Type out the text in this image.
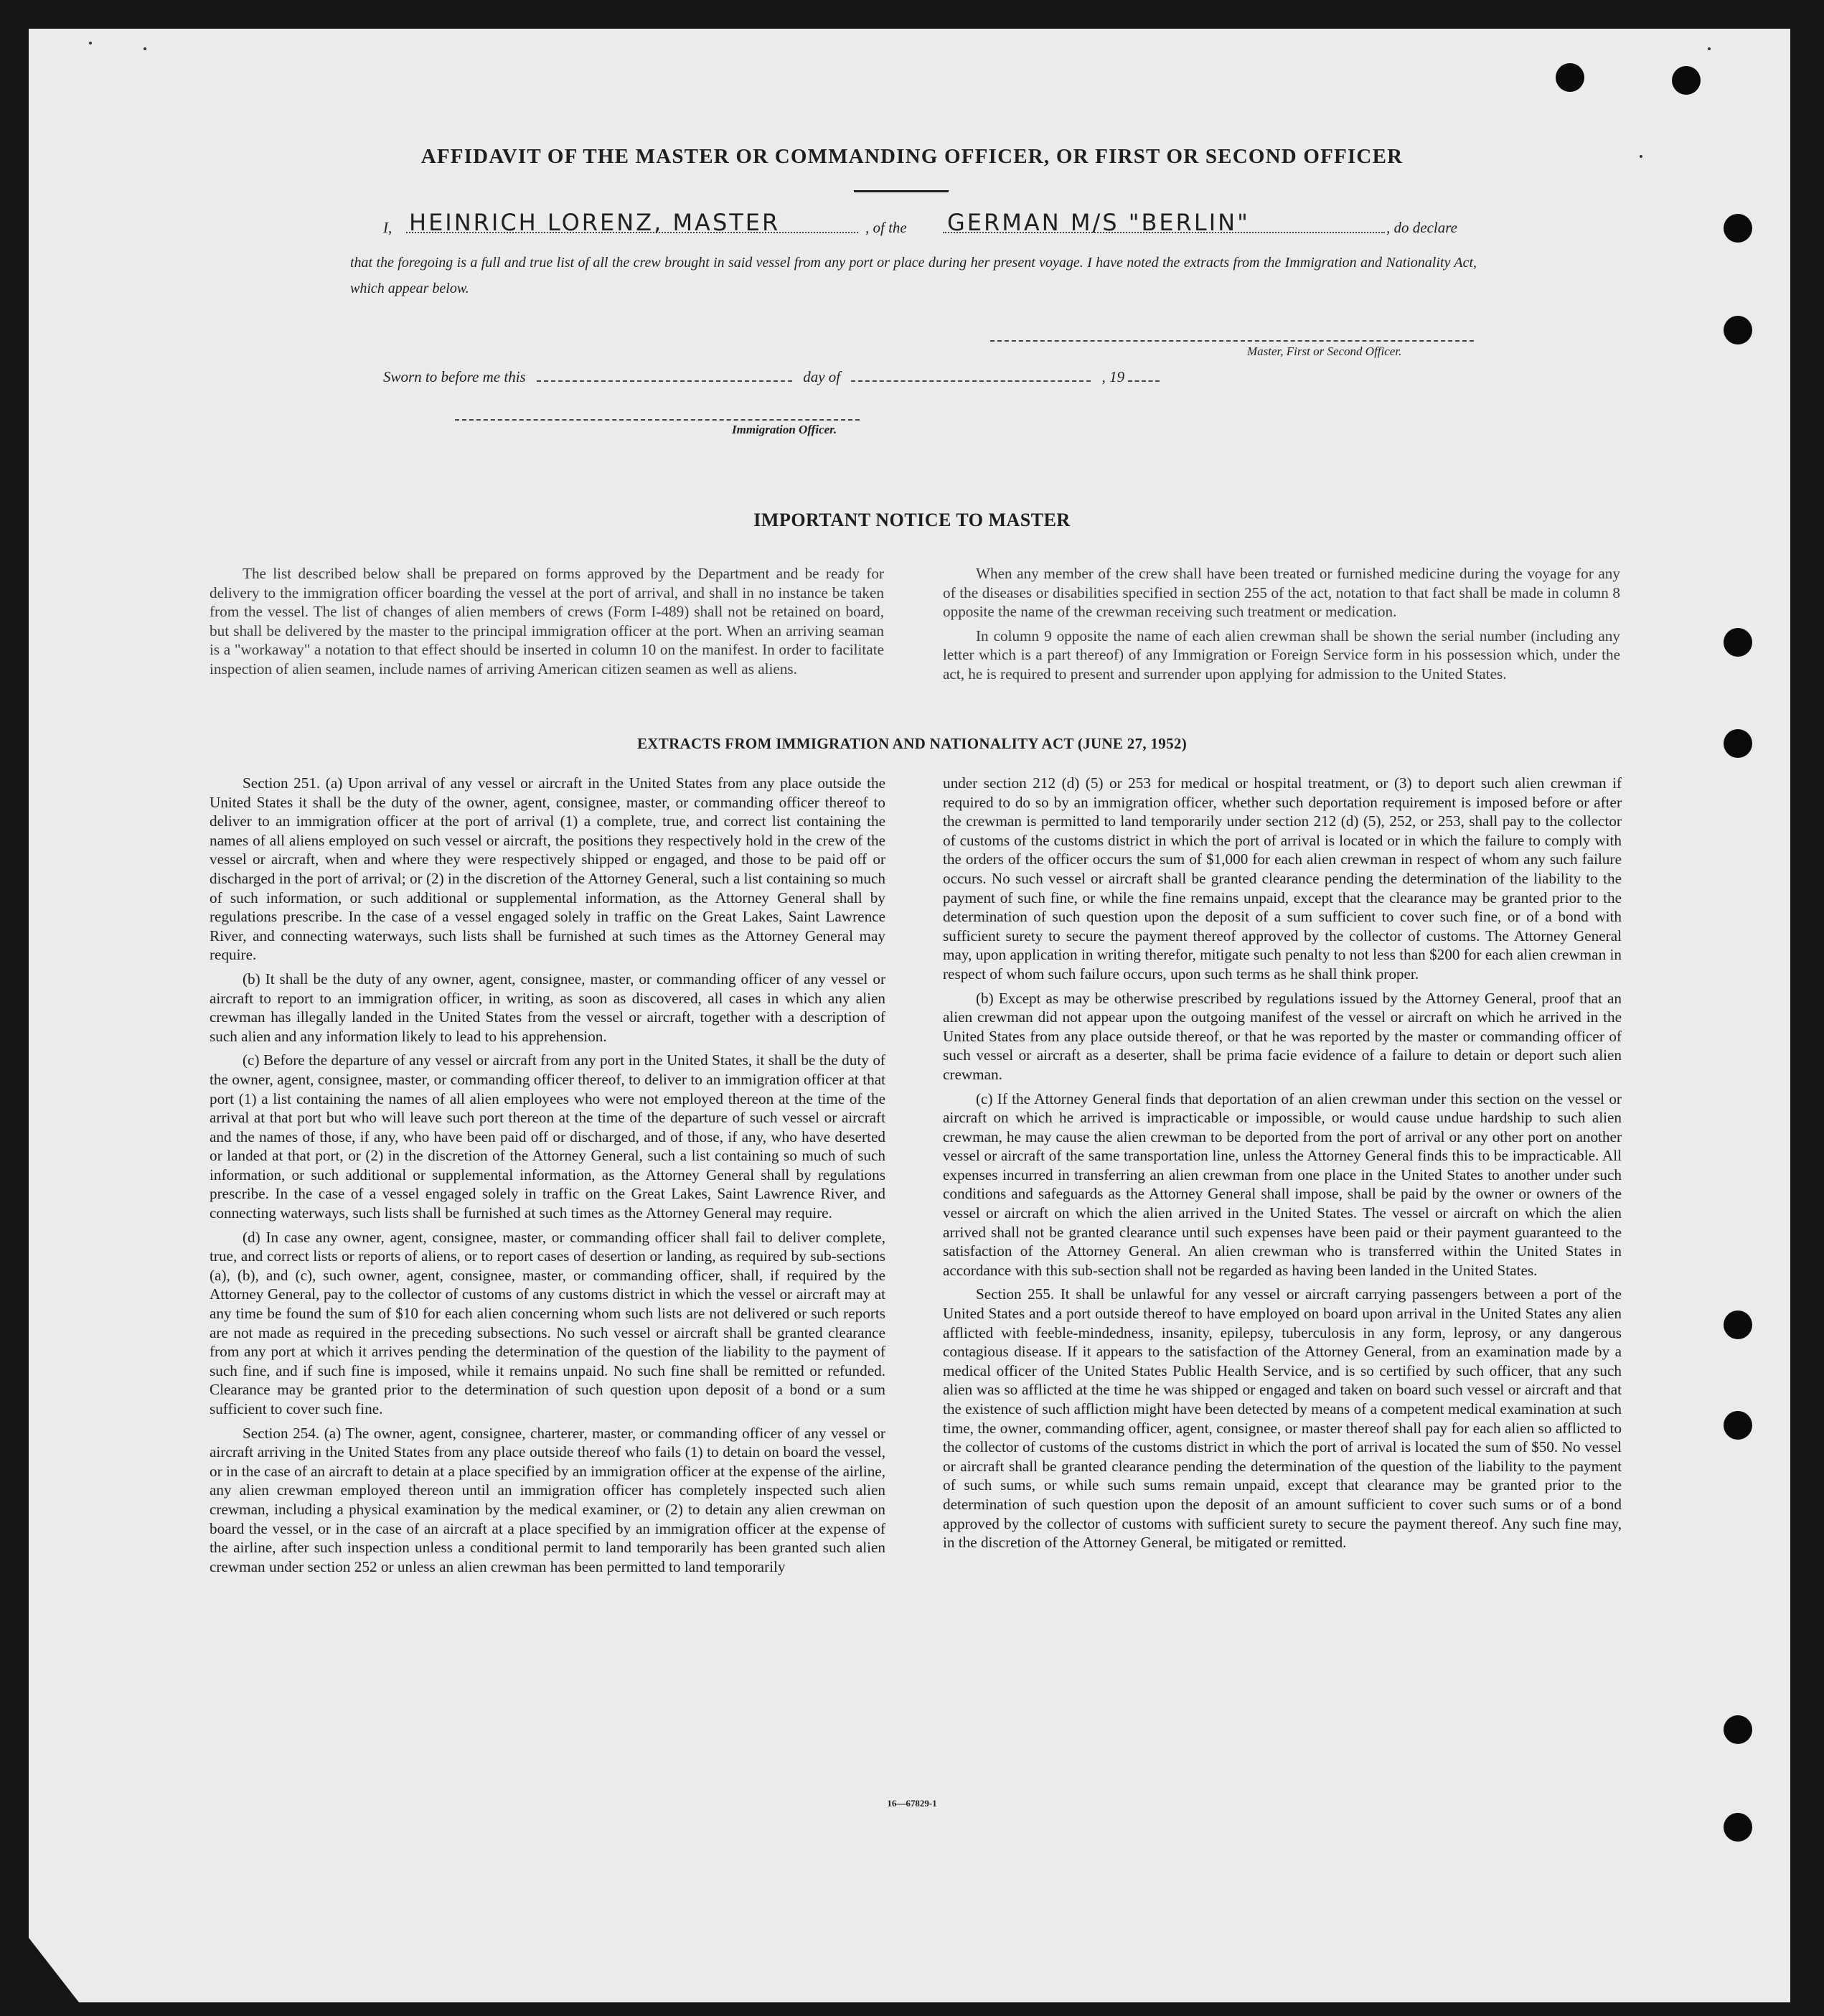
AFFIDAVIT OF THE MASTER OR COMMANDING OFFICER, OR FIRST OR SECOND OFFICER
I, HEINRICH LORENZ, MASTER	, of the GERMAN M/S "BERLIN"	, do declare

that the foregoing is a full and true list of all the crew brought in said vessel from any port or place during her present voyage. I have noted the extracts from the Immigration and Nationality Act, which appear below.

Master, First or Second Officer.
Sworn to before me this	day of	, 19
Immigration Officer.
IMPORTANT NOTICE TO MASTER

The list described below shall be prepared on forms approved by the Department and be ready for delivery to the immigration officer boarding the vessel at the port of arrival, and shall in no instance be taken from the vessel. The list of changes of alien members of crews (Form I-489) shall not be retained on board, but shall be delivered by the master to the principal immigration officer at the port. When an arriving seaman is a "workaway" a notation to that effect should be inserted in column 10 on the manifest. In order to facilitate inspection of alien seamen, include names of arriving American citizen seamen as well as aliens.

When any member of the crew shall have been treated or furnished medicine during the voyage for any of the diseases or disabilities specified in section 255 of the act, notation to that fact shall be made in column 8 opposite the name of the crewman receiving such treatment or medication.

In column 9 opposite the name of each alien crewman shall be shown the serial number (including any letter which is a part thereof) of any Immigration or Foreign Service form in his possession which, under the act, he is required to present and surrender upon applying for admission to the United States.

EXTRACTS FROM IMMIGRATION AND NATIONALITY ACT (JUNE 27, 1952)

Section 251. (a) Upon arrival of any vessel or aircraft in the United States from any place outside the United States it shall be the duty of the owner, agent, consignee, master, or commanding officer thereof to deliver to an immigration officer at the port of arrival (1) a complete, true, and correct list containing the names of all aliens employed on such vessel or aircraft, the positions they respectively hold in the crew of the vessel or aircraft, when and where they were respectively shipped or engaged, and those to be paid off or discharged in the port of arrival; or (2) in the discretion of the Attorney General, such a list containing so much of such information, or such additional or supplemental information, as the Attorney General shall by regulations prescribe. In the case of a vessel engaged solely in traffic on the Great Lakes, Saint Lawrence River, and connecting waterways, such lists shall be furnished at such times as the Attorney General may require.

(b) It shall be the duty of any owner, agent, consignee, master, or commanding officer of any vessel or aircraft to report to an immigration officer, in writing, as soon as discovered, all cases in which any alien crewman has illegally landed in the United States from the vessel or aircraft, together with a description of such alien and any information likely to lead to his apprehension.

(c) Before the departure of any vessel or aircraft from any port in the United States, it shall be the duty of the owner, agent, consignee, master, or commanding officer thereof, to deliver to an immigration officer at that port (1) a list containing the names of all alien employees who were not employed thereon at the time of the arrival at that port but who will leave such port thereon at the time of the departure of such vessel or aircraft and the names of those, if any, who have been paid off or discharged, and of those, if any, who have deserted or landed at that port, or (2) in the discretion of the Attorney General, such a list containing so much of such information, or such additional or supplemental information, as the Attorney General shall by regulations prescribe. In the case of a vessel engaged solely in traffic on the Great Lakes, Saint Lawrence River, and connecting waterways, such lists shall be furnished at such times as the Attorney General may require.

(d) In case any owner, agent, consignee, master, or commanding officer shall fail to deliver complete, true, and correct lists or reports of aliens, or to report cases of desertion or landing, as required by sub-sections (a), (b), and (c), such owner, agent, consignee, master, or commanding officer, shall, if required by the Attorney General, pay to the collector of customs of any customs district in which the vessel or aircraft may at any time be found the sum of $10 for each alien concerning whom such lists are not delivered or such reports are not made as required in the preceding subsections. No such vessel or aircraft shall be granted clearance from any port at which it arrives pending the determination of the question of the liability to the payment of such fine, and if such fine is imposed, while it remains unpaid. No such fine shall be remitted or refunded. Clearance may be granted prior to the determination of such question upon deposit of a bond or a sum sufficient to cover such fine.

Section 254. (a) The owner, agent, consignee, charterer, master, or commanding officer of any vessel or aircraft arriving in the United States from any place outside thereof who fails (1) to detain on board the vessel, or in the case of an aircraft to detain at a place specified by an immigration officer at the expense of the airline, any alien crewman employed thereon until an immigration officer has completely inspected such alien crewman, including a physical examination by the medical examiner, or (2) to detain any alien crewman on board the vessel, or in the case of an aircraft at a place specified by an immigration officer at the expense of the airline, after such inspection unless a conditional permit to land temporarily has been granted such alien crewman under section 252 or unless an alien crewman has been permitted to land temporarily

under section 212 (d) (5) or 253 for medical or hospital treatment, or (3) to deport such alien crewman if required to do so by an immigration officer, whether such deportation requirement is imposed before or after the crewman is permitted to land temporarily under section 212 (d) (5), 252, or 253, shall pay to the collector of customs of the customs district in which the port of arrival is located or in which the failure to comply with the orders of the officer occurs the sum of $1,000 for each alien crewman in respect of whom any such failure occurs. No such vessel or aircraft shall be granted clearance pending the determination of the liability to the payment of such fine, or while the fine remains unpaid, except that the clearance may be granted prior to the determination of such question upon the deposit of a sum sufficient to cover such fine, or of a bond with sufficient surety to secure the payment thereof approved by the collector of customs. The Attorney General may, upon application in writing therefor, mitigate such penalty to not less than $200 for each alien crewman in respect of whom such failure occurs, upon such terms as he shall think proper.

(b) Except as may be otherwise prescribed by regulations issued by the Attorney General, proof that an alien crewman did not appear upon the outgoing manifest of the vessel or aircraft on which he arrived in the United States from any place outside thereof, or that he was reported by the master or commanding officer of such vessel or aircraft as a deserter, shall be prima facie evidence of a failure to detain or deport such alien crewman.

(c) If the Attorney General finds that deportation of an alien crewman under this section on the vessel or aircraft on which he arrived is impracticable or impossible, or would cause undue hardship to such alien crewman, he may cause the alien crewman to be deported from the port of arrival or any other port on another vessel or aircraft of the same transportation line, unless the Attorney General finds this to be impracticable. All expenses incurred in transferring an alien crewman from one place in the United States to another under such conditions and safeguards as the Attorney General shall impose, shall be paid by the owner or owners of the vessel or aircraft on which the alien arrived in the United States. The vessel or aircraft on which the alien arrived shall not be granted clearance until such expenses have been paid or their payment guaranteed to the satisfaction of the Attorney General. An alien crewman who is transferred within the United States in accordance with this sub-section shall not be regarded as having been landed in the United States.

Section 255. It shall be unlawful for any vessel or aircraft carrying passengers between a port of the United States and a port outside thereof to have employed on board upon arrival in the United States any alien afflicted with feeble-mindedness, insanity, epilepsy, tuberculosis in any form, leprosy, or any dangerous contagious disease. If it appears to the satisfaction of the Attorney General, from an examination made by a medical officer of the United States Public Health Service, and is so certified by such officer, that any such alien was so afflicted at the time he was shipped or engaged and taken on board such vessel or aircraft and that the existence of such affliction might have been detected by means of a competent medical examination at such time, the owner, commanding officer, agent, consignee, or master thereof shall pay for each alien so afflicted to the collector of customs of the customs district in which the port of arrival is located the sum of $50. No vessel or aircraft shall be granted clearance pending the determination of the question of the liability to the payment of such sums, or while such sums remain unpaid, except that clearance may be granted prior to the determination of such question upon the deposit of an amount sufficient to cover such sums or of a bond approved by the collector of customs with sufficient surety to secure the payment thereof. Any such fine may, in the discretion of the Attorney General, be mitigated or remitted.

16—67829-1
